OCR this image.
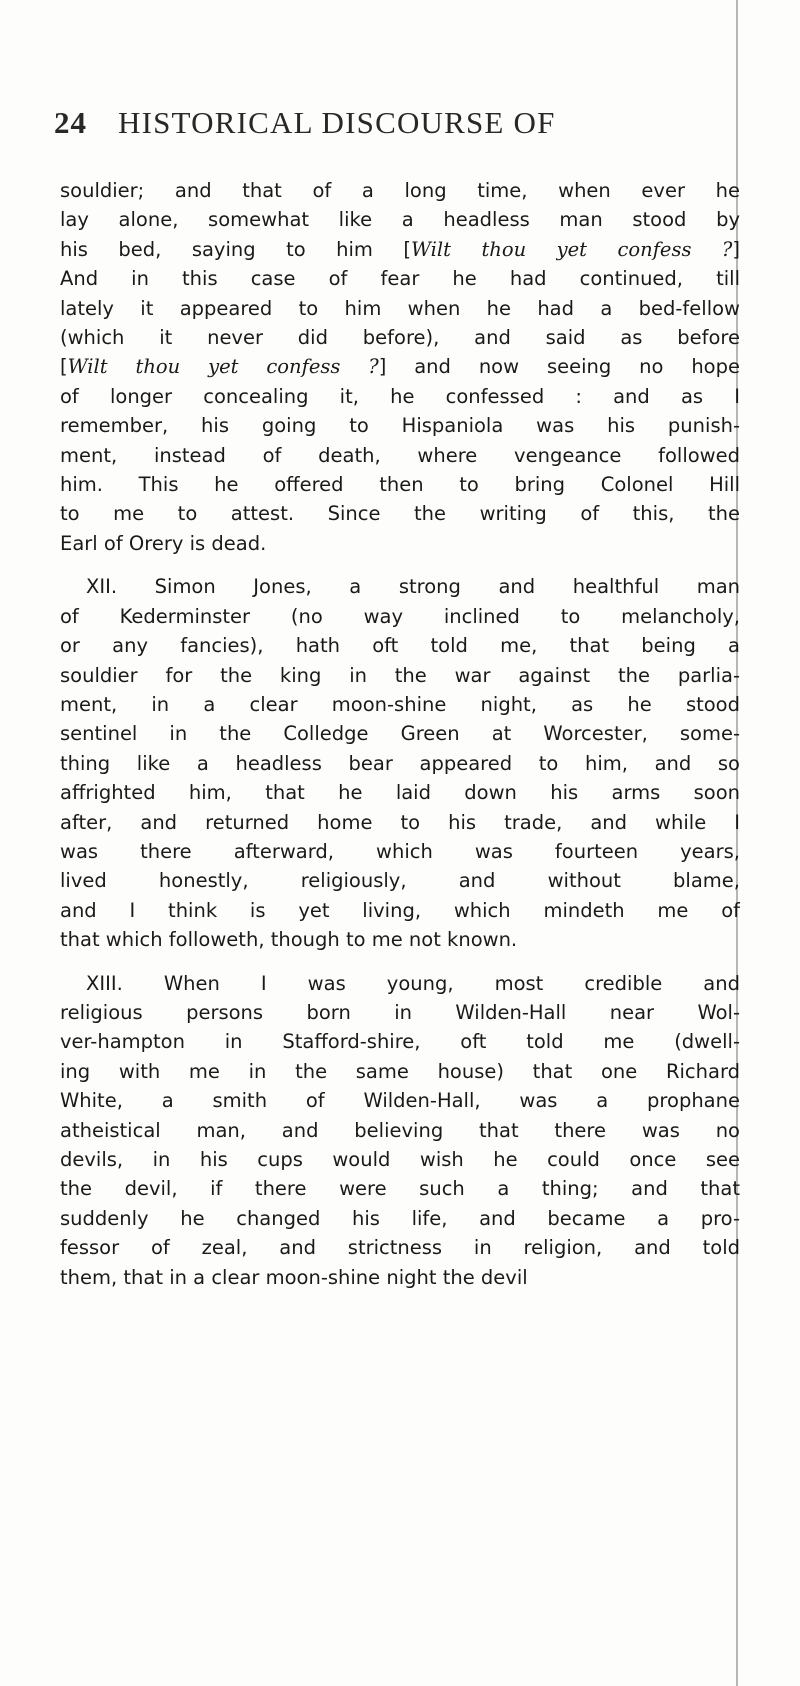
24 HISTORICAL DISCOURSE OF
souldier; and that of a long time, when ever he
lay alone, somewhat like a headless man stood by
his bed, saying to him [Wilt thou yet confess ?]
And in this case of fear he had continued, till
lately it appeared to him when he had a bed-fellow
(which it never did before), and said as before
[Wilt thou yet confess ?] and now seeing no hope
of longer concealing it, he confessed : and as I
remember, his going to Hispaniola was his punish-
ment, instead of death, where vengeance followed
him. This he offered then to bring Colonel Hill
to me to attest. Since the writing of this, the
Earl of Orery is dead.
XII. Simon Jones, a strong and healthful man
of Kederminster (no way inclined to melancholy,
or any fancies), hath oft told me, that being a
souldier for the king in the war against the parlia-
ment, in a clear moon-shine night, as he stood
sentinel in the Colledge Green at Worcester, some-
thing like a headless bear appeared to him, and so
affrighted him, that he laid down his arms soon
after, and returned home to his trade, and while I
was there afterward, which was fourteen years,
lived honestly, religiously, and without blame,
and I think is yet living, which mindeth me of
that which followeth, though to me not known.
XIII. When I was young, most credible and
religious persons born in Wilden-Hall near Wol-
ver-hampton in Stafford-shire, oft told me (dwell-
ing with me in the same house) that one Richard
White, a smith of Wilden-Hall, was a prophane
atheistical man, and believing that there was no
devils, in his cups would wish he could once see
the devil, if there were such a thing; and that
suddenly he changed his life, and became a pro-
fessor of zeal, and strictness in religion, and told
them, that in a clear moon-shine night the devil
